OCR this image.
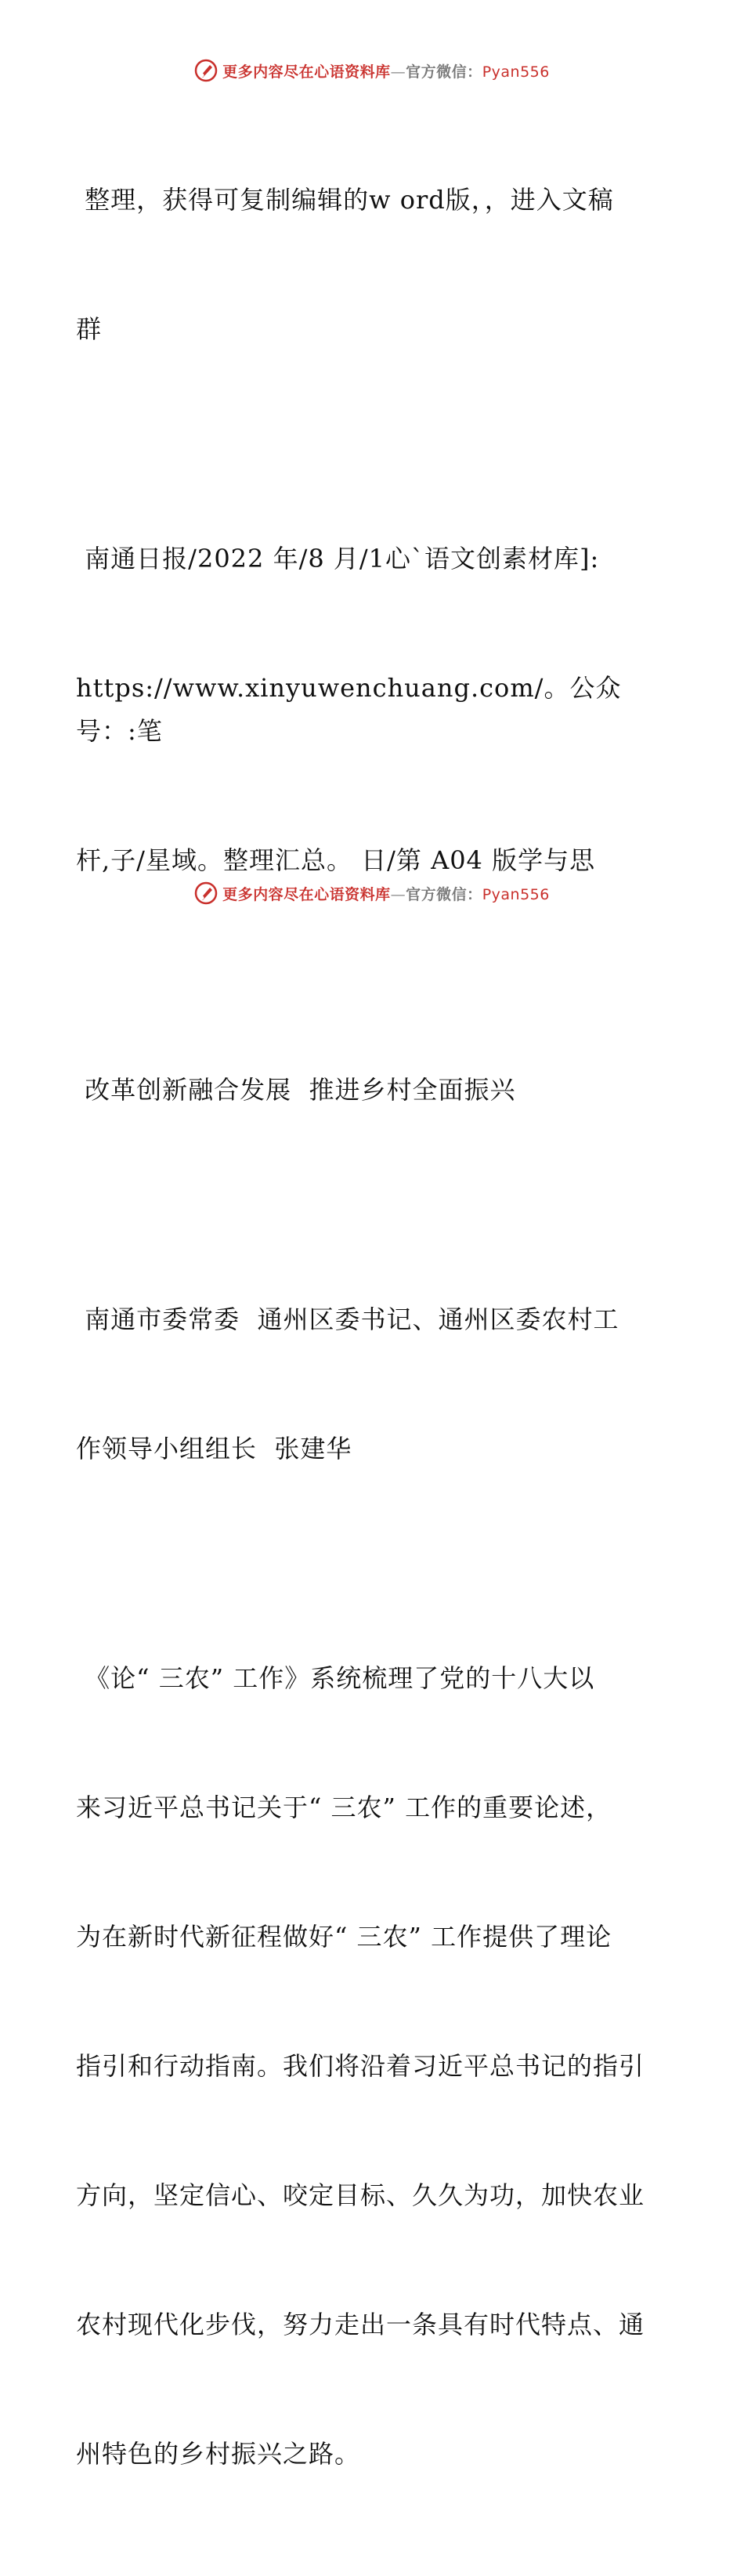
更多内容尽在心语资料库—官方微信：Pyan556

整理，获得可复制编辑的w ord版，，进入文稿

群

南通日报/2022 年/8 月/1心`语文创素材库]:

https://www.xinyuwenchuang.com/。公众号：:笔

杆,子/星域。整理汇总。 日/第 A04 版学与思

改革创新融合发展  推进乡村全面振兴

南通市委常委  通州区委书记、通州区委农村工

作领导小组组长  张建华

《论“ 三农” 工作》系统梳理了党的十八大以

来习近平总书记关于“ 三农” 工作的重要论述，

为在新时代新征程做好“ 三农” 工作提供了理论

指引和行动指南。我们将沿着习近平总书记的指引

方向，坚定信心、咬定目标、久久为功，加快农业

农村现代化步伐，努力走出一条具有时代特点、通

州特色的乡村振兴之路。

更多内容尽在心语资料库—官方微信：Pyan556
